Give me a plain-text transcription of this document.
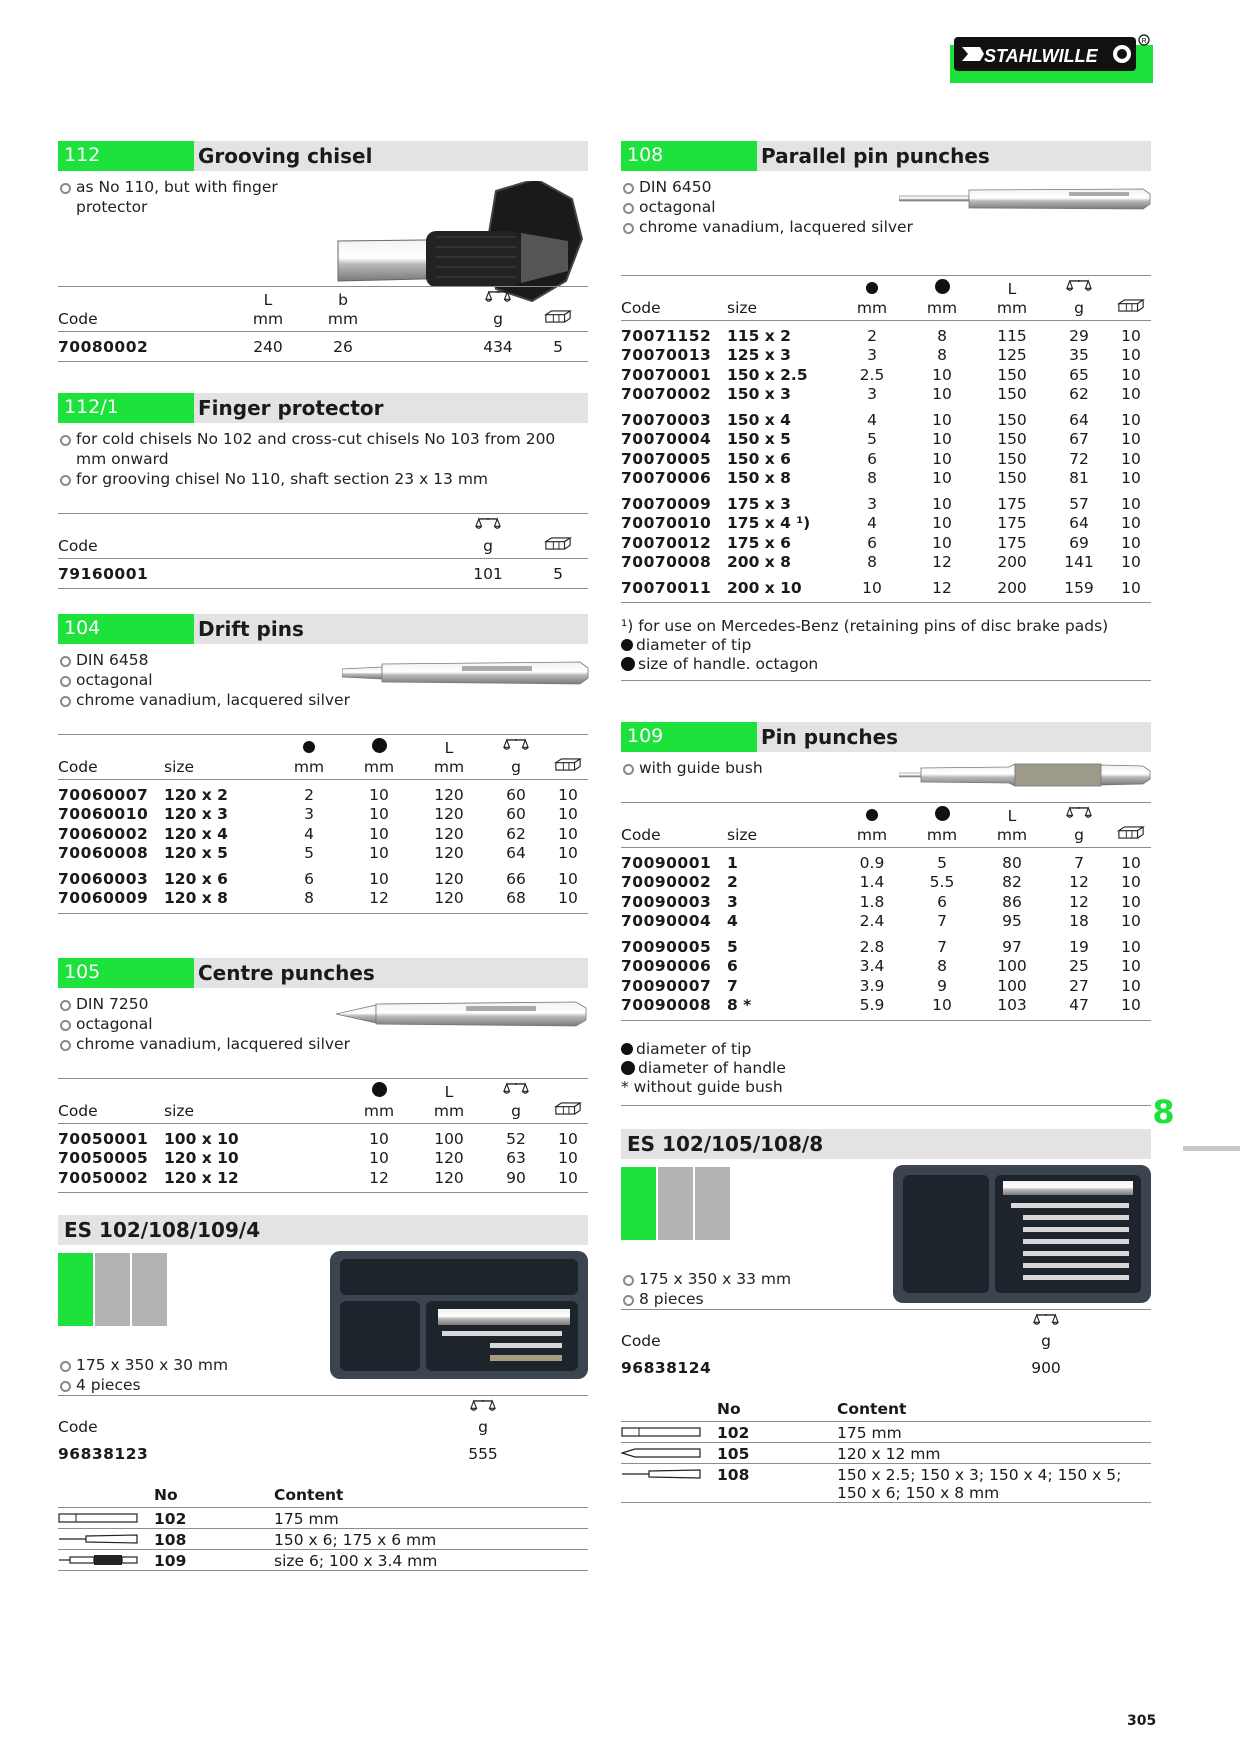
STAHLWILLE
R
112	Grooving chisel
as No 110, but with finger protector
	L	b			
Code	mm	mm		g	
70080002	240	26		434	5
112/1	Finger protector
for cold chisels No 102 and cross-cut chisels No 103 from 200 mm onward
for grooving chisel No 110, shaft section 23 x 13 mm

Code	g	
79160001	101	5
104	Drift pins
DIN 6458
octagonal
chrome vanadium, lacquered silver
				L		
Code	size	mm	mm	mm	g	
70060007	120 x 2	2	10	120	60	10
70060010	120 x 3	3	10	120	60	10
70060002	120 x 4	4	10	120	62	10
70060008	120 x 5	5	10	120	64	10
70060003	120 x 6	6	10	120	66	10
70060009	120 x 8	8	12	120	68	10
105	Centre punches
DIN 7250
octagonal
chrome vanadium, lacquered silver
			L		
Code	size	mm	mm	g	
70050001	100 x 10	10	100	52	10
70050005	120 x 10	10	120	63	10
70050002	120 x 12	12	120	90	10
ES 102/108/109/4
175 x 350 x 30 mm
4 pieces

Code	g	
96838123	555	
	No	Content
	102	175 mm
	108	150 x 6; 175 x 6 mm
	109	size 6; 100 x 3.4 mm
108	Parallel pin punches
DIN 6450
octagonal
chrome vanadium, lacquered silver
				L		
Code	size	mm	mm	mm	g	
70071152	115 x 2	2	8	115	29	10
70070013	125 x 3	3	8	125	35	10
70070001	150 x 2.5	2.5	10	150	65	10
70070002	150 x 3	3	10	150	62	10
70070003	150 x 4	4	10	150	64	10
70070004	150 x 5	5	10	150	67	10
70070005	150 x 6	6	10	150	72	10
70070006	150 x 8	8	10	150	81	10
70070009	175 x 3	3	10	175	57	10
70070010	175 x 4 ¹)	4	10	175	64	10
70070012	175 x 6	6	10	175	69	10
70070008	200 x 8	8	12	200	141	10
70070011	200 x 10	10	12	200	159	10
¹) for use on Mercedes-Benz (retaining pins of disc brake pads)
diameter of tip
size of handle. octagon
109	Pin punches
with guide bush
				L		
Code	size	mm	mm	mm	g	
70090001	1	0.9	5	80	7	10
70090002	2	1.4	5.5	82	12	10
70090003	3	1.8	6	86	12	10
70090004	4	2.4	7	95	18	10
70090005	5	2.8	7	97	19	10
70090006	6	3.4	8	100	25	10
70090007	7	3.9	9	100	27	10
70090008	8 *	5.9	10	103	47	10
diameter of tip
diameter of handle
* without guide bush
ES 102/105/108/8
175 x 350 x 33 mm
8 pieces

Code	g	
96838124	900	
	No	Content
	102	175 mm
	105	120 x 12 mm
	108	150 x 2.5; 150 x 3; 150 x 4; 150 x 5; 150 x 6; 150 x 8 mm
8
305
